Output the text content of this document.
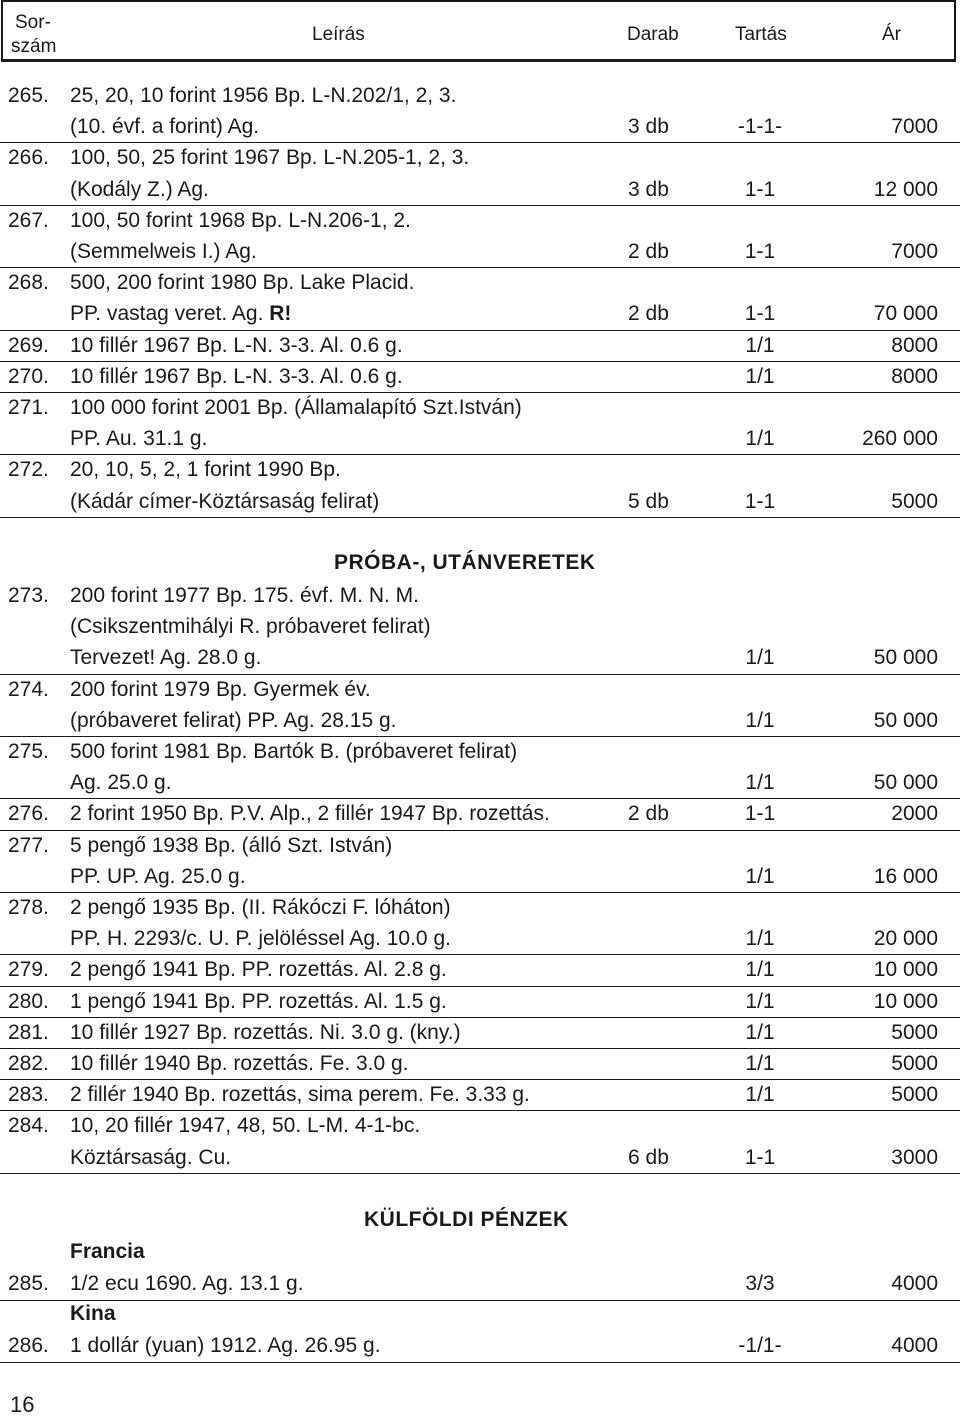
Sor-
szám
Leírás	Darab	Tartás	Ár
265. 25, 20, 10 forint 1956 Bp. L-N.202/1, 2, 3.
(10. évf. a forint) Ag.	3 db	-1-1-	7000
266. 100, 50, 25 forint 1967 Bp. L-N.205-1, 2, 3.
(Kodály Z.) Ag.	3 db	1-1	12 000
267. 100, 50 forint 1968 Bp. L-N.206-1, 2.
(Semmelweis I.) Ag.	2 db	1-1	7000
268. 500, 200 forint 1980 Bp. Lake Placid.
PP. vastag veret. Ag. R!	2 db	1-1	70 000
269. 10 fillér 1967 Bp. L-N. 3-3. Al. 0.6 g.	1/1	8000
270. 10 fillér 1967 Bp. L-N. 3-3. Al. 0.6 g.	1/1	8000
271. 100 000 forint 2001 Bp. (Államalapító Szt.István)
PP. Au. 31.1 g.	1/1	260 000
272. 20, 10, 5, 2, 1 forint 1990 Bp.
(Kádár címer-Köztársaság felirat)	5 db	1-1	5000
PRÓBA-, UTÁNVERETEK
273. 200 forint 1977 Bp. 175. évf. M. N. M.
(Csikszentmihályi R. próbaveret felirat)
Tervezet! Ag. 28.0 g.	1/1	50 000
274. 200 forint 1979 Bp. Gyermek év.
(próbaveret felirat) PP. Ag. 28.15 g.	1/1	50 000
275. 500 forint 1981 Bp. Bartók B. (próbaveret felirat)
Ag. 25.0 g.	1/1	50 000
276. 2 forint 1950 Bp. P.V. Alp., 2 fillér 1947 Bp. rozettás.	2 db	1-1	2000
277. 5 pengő 1938 Bp. (álló Szt. István)
PP. UP. Ag. 25.0 g.	1/1	16 000
278. 2 pengő 1935 Bp. (II. Rákóczi F. lóháton)
PP. H. 2293/c. U. P. jelöléssel Ag. 10.0 g.	1/1	20 000
279. 2 pengő 1941 Bp. PP. rozettás. Al. 2.8 g.	1/1	10 000
280. 1 pengő 1941 Bp. PP. rozettás. Al. 1.5 g.	1/1	10 000
281. 10 fillér 1927 Bp. rozettás. Ni. 3.0 g. (kny.)	1/1	5000
282. 10 fillér 1940 Bp. rozettás. Fe. 3.0 g.	1/1	5000
283. 2 fillér 1940 Bp. rozettás, sima perem. Fe. 3.33 g.	1/1	5000
284. 10, 20 fillér 1947, 48, 50. L-M. 4-1-bc.
Köztársaság. Cu.	6 db	1-1	3000
KÜLFÖLDI PÉNZEK
Francia
285. 1/2 ecu 1690. Ag. 13.1 g.	3/3	4000
Kina
286. 1 dollár (yuan) 1912. Ag. 26.95 g.	-1/1-	4000
16
